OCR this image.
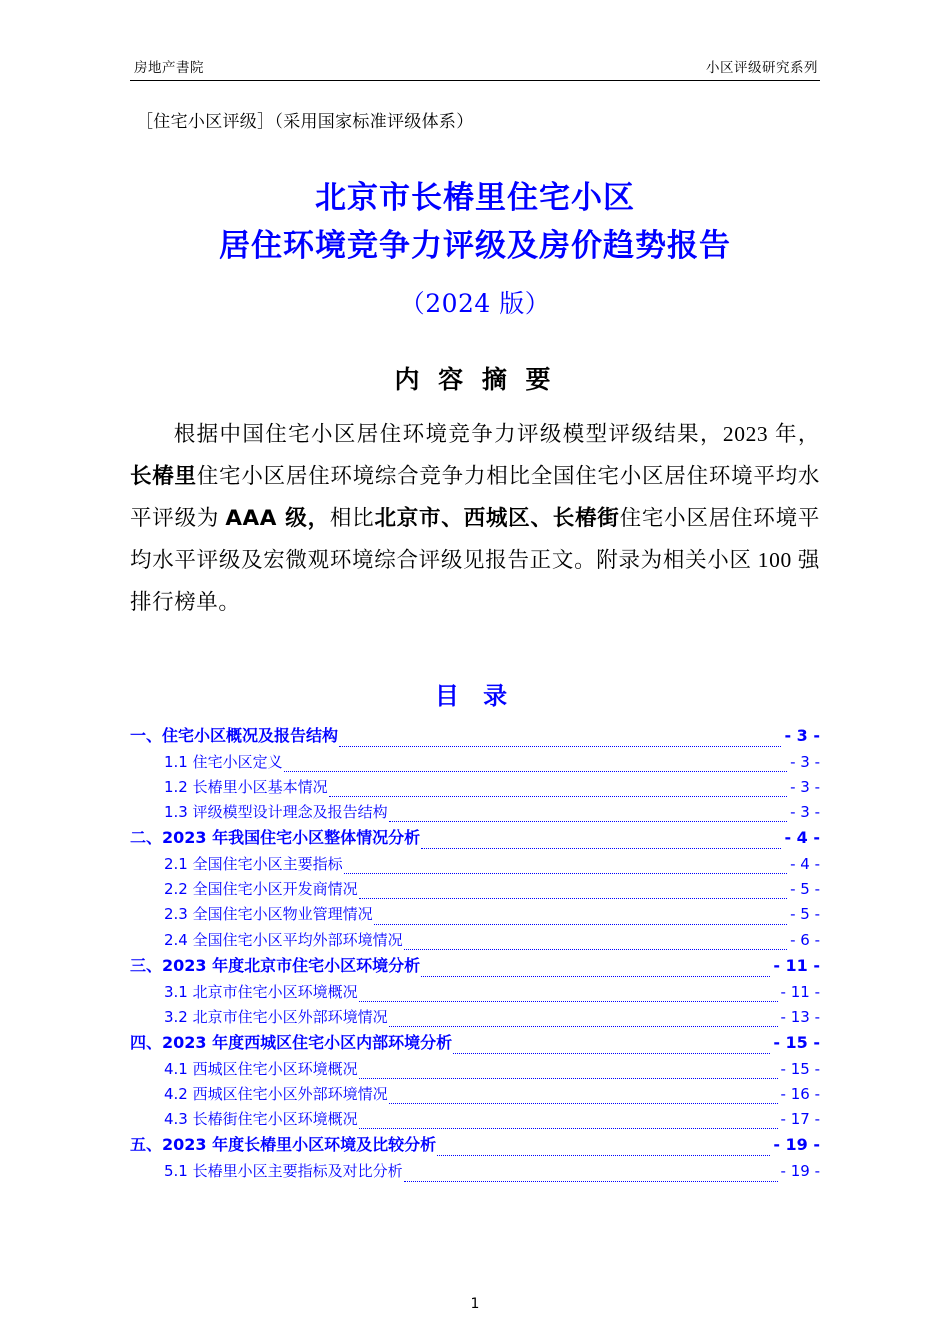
房地产書院	小区评级研究系列
［住宅小区评级］（采用国家标准评级体系）
北京市长椿里住宅小区
居住环境竞争力评级及房价趋势报告
（2024 版）
内 容 摘 要
根据中国住宅小区居住环境竞争力评级模型评级结果，2023 年，长椿里住宅小区居住环境综合竞争力相比全国住宅小区居住环境平均水平评级为 AAA 级，相比北京市、西城区、长椿街住宅小区居住环境平均水平评级及宏微观环境综合评级见报告正文。附录为相关小区 100 强排行榜单。
目 录
一、住宅小区概况及报告结构	- 3 -
1.1 住宅小区定义	- 3 -
1.2 长椿里小区基本情况	- 3 -
1.3 评级模型设计理念及报告结构	- 3 -
二、2023 年我国住宅小区整体情况分析	- 4 -
2.1 全国住宅小区主要指标	- 4 -
2.2 全国住宅小区开发商情况	- 5 -
2.3 全国住宅小区物业管理情况	- 5 -
2.4 全国住宅小区平均外部环境情况	- 6 -
三、2023 年度北京市住宅小区环境分析	- 11 -
3.1 北京市住宅小区环境概况	- 11 -
3.2 北京市住宅小区外部环境情况	- 13 -
四、2023 年度西城区住宅小区内部环境分析	- 15 -
4.1 西城区住宅小区环境概况	- 15 -
4.2 西城区住宅小区外部环境情况	- 16 -
4.3 长椿街住宅小区环境概况	- 17 -
五、2023 年度长椿里小区环境及比较分析	- 19 -
5.1 长椿里小区主要指标及对比分析	- 19 -
1
